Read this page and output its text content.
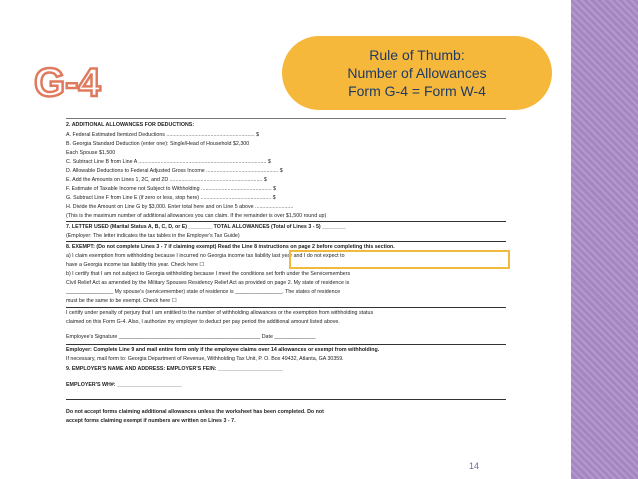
G-4
Rule of Thumb:
Number of Allowances
Form G-4 = Form W-4
2. ADDITIONAL ALLOWANCES FOR DEDUCTIONS:
A. Federal Estimated Itemized Deductions ............................................................ $
B. Georgia Standard Deduction (enter one): Single/Head of Household $2,300
Each Spouse $1,500
C. Subtract Line B from Line A ....................................................................................... $
D. Allowable Deductions to Federal Adjusted Gross Income ................................................. $
E. Add the Amounts on Lines 1, 2C, and 2D ............................................................... $
F. Estimate of Taxable Income not Subject to Withholding ................................................ $
G. Subtract Line F from Line E (if zero or less, stop here) ................................................ $
H. Divide the Amount on Line G by $3,000. Enter total here and on Line 5 above ..........................
(This is the maximum number of additional allowances you can claim. If the remainder is over $1,500 round up)
7. LETTER USED (Marital Status A, B, C, D, or E) ________ TOTAL ALLOWANCES (Total of Lines 3 - 5) ________
(Employer: The letter indicates the tax tables in the Employer's Tax Guide)
8. EXEMPT: (Do not complete Lines 3 - 7 if claiming exempt) Read the Line 8 instructions on page 2 before completing this section.
a) I claim exemption from withholding because I incurred no Georgia income tax liability last year and I do not expect to
have a Georgia income tax liability this year. Check here ☐
b) I certify that I am not subject to Georgia withholding because I meet the conditions set forth under the Servicemembers
Civil Relief Act as amended by the Military Spouses Residency Relief Act as provided on page 2. My state of residence is
________________ My spouse's (servicemember) state of residence is ________________. The states of residence
must be the same to be exempt. Check here ☐
I certify under penalty of perjury that I am entitled to the number of withholding allowances or the exemption from withholding status
claimed on this Form G-4. Also, I authorize my employer to deduct per pay period the additional amount listed above.
Employee's Signature ________________________________________________ Date ______________
Employer: Complete Line 9 and mail entire form only if the employee claims over 14 allowances or exempt from withholding.
If necessary, mail form to: Georgia Department of Revenue, Withholding Tax Unit, P. O. Box 49432, Atlanta, GA 30359.
9. EMPLOYER'S NAME AND ADDRESS: EMPLOYER'S FEIN: ______________________
EMPLOYER'S WH#: ______________________
Do not accept forms claiming additional allowances unless the worksheet has been completed. Do not
accept forms claiming exempt if numbers are written on Lines 3 - 7.
14
